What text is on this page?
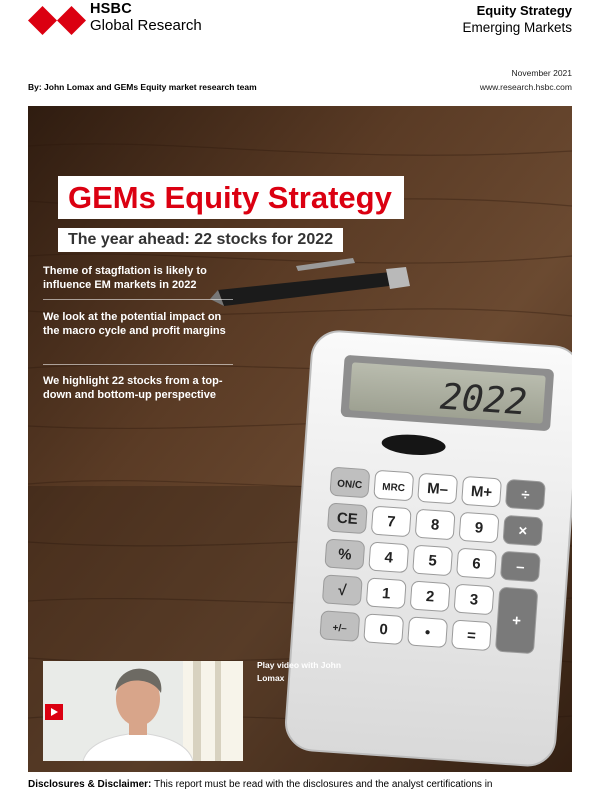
HSBC
Global Research
Equity Strategy
Emerging Markets
November 2021
www.research.hsbc.com
By: John Lomax and GEMs Equity market research team
2022
ON/C MRC M– M+ ÷
CE 7 8 9 ×
% 4 5 6 –
√ 1 2 3
+
+/– 0 • =
GEMs Equity Strategy
The year ahead: 22 stocks for 2022
Theme of stagflation is likely to influence EM markets in 2022
We look at the potential impact on the macro cycle and profit margins
We highlight 22 stocks from a top-down and bottom-up perspective
Play video with John Lomax
Disclosures & Disclaimer: This report must be read with the disclosures and the analyst certifications in
